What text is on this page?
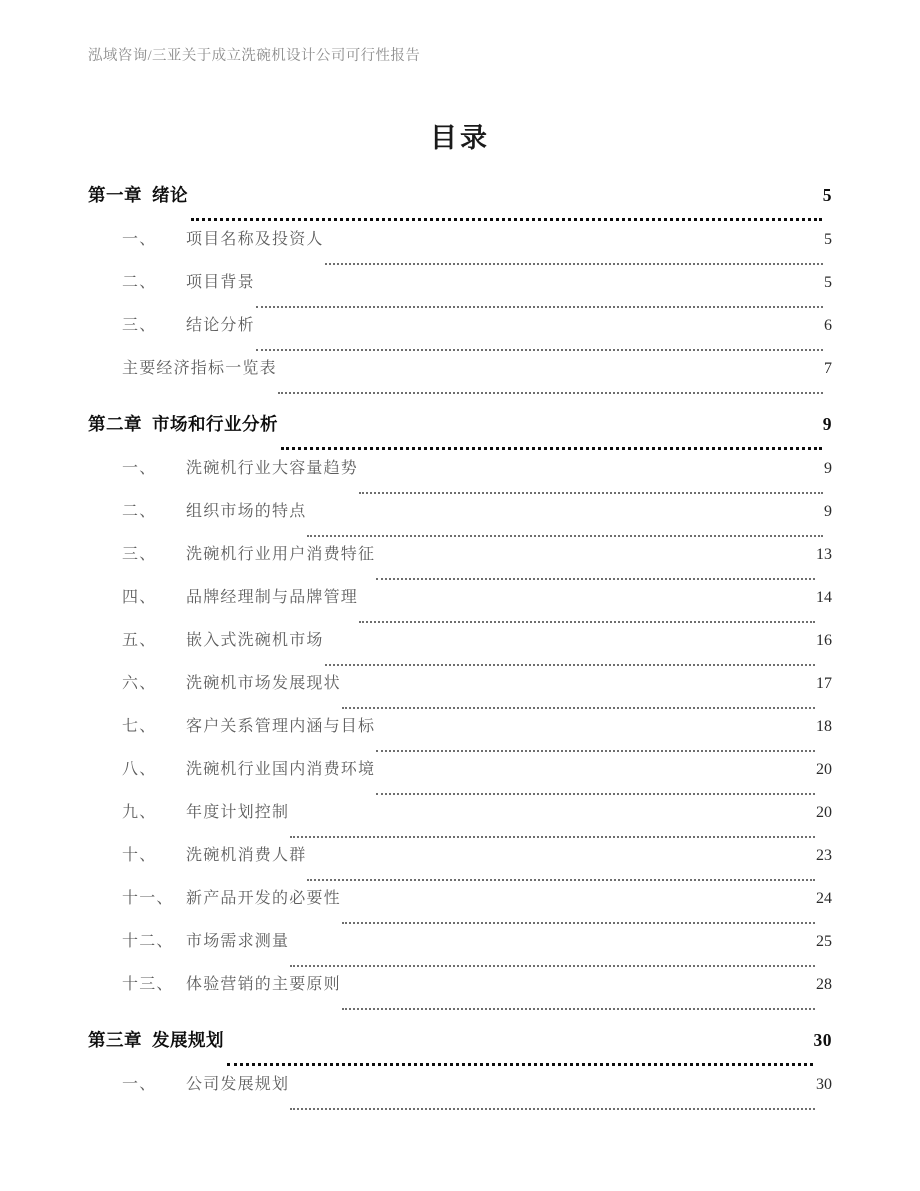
泓域咨询/三亚关于成立洗碗机设计公司可行性报告
目录
第一章 绪论	5
一、	项目名称及投资人	5
二、	项目背景	5
三、	结论分析	6
主要经济指标一览表	7
第二章 市场和行业分析	9
一、	洗碗机行业大容量趋势	9
二、	组织市场的特点	9
三、	洗碗机行业用户消费特征	13
四、	品牌经理制与品牌管理	14
五、	嵌入式洗碗机市场	16
六、	洗碗机市场发展现状	17
七、	客户关系管理内涵与目标	18
八、	洗碗机行业国内消费环境	20
九、	年度计划控制	20
十、	洗碗机消费人群	23
十一、 新产品开发的必要性	24
十二、 市场需求测量	25
十三、 体验营销的主要原则	28
第三章 发展规划	30
一、	公司发展规划	30
